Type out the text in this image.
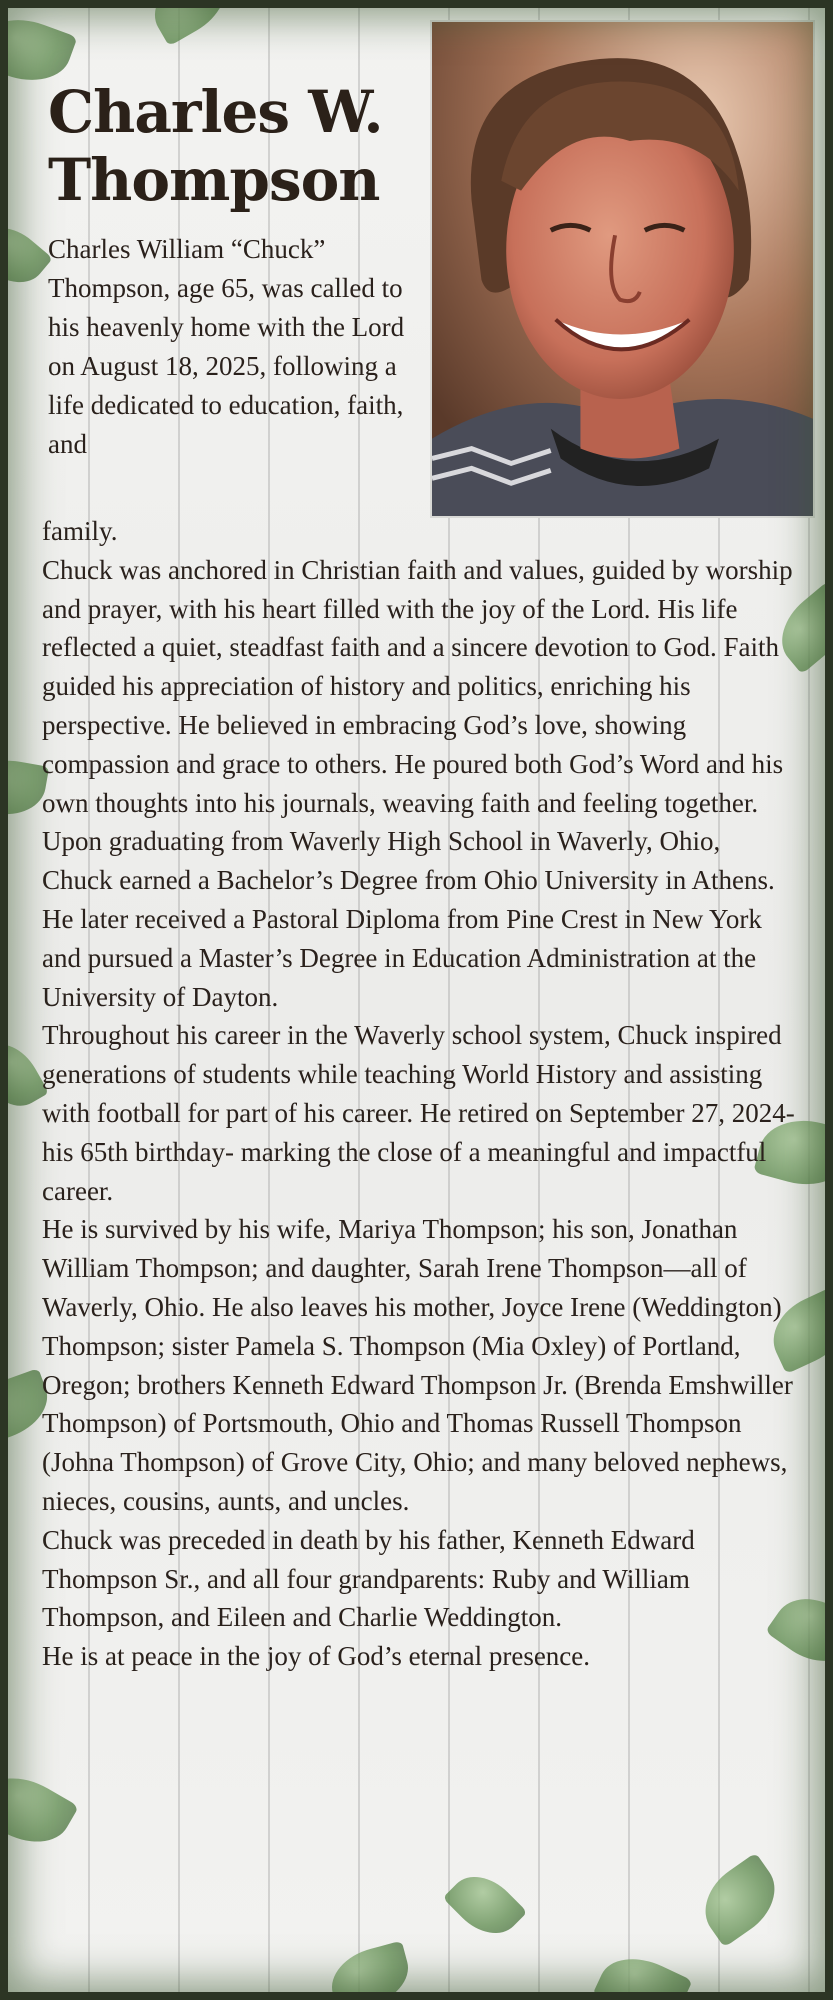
Charles W. Thompson

Charles William “Chuck” Thompson, age 65, was called to his heavenly home with the Lord on August 18, 2025, following a life dedicated to education, faith, and

family.

Chuck was anchored in Christian faith and values, guided by worship and prayer, with his heart filled with the joy of the Lord. His life reflected a quiet, steadfast faith and a sincere devotion to God. Faith guided his appreciation of history and politics, enriching his perspective. He believed in embracing God’s love, showing compassion and grace to others. He poured both God’s Word and his own thoughts into his journals, weaving faith and feeling together.

Upon graduating from Waverly High School in Waverly, Ohio, Chuck earned a Bachelor’s Degree from Ohio University in Athens. He later received a Pastoral Diploma from Pine Crest in New York and pursued a Master’s Degree in Education Administration at the University of Dayton.

Throughout his career in the Waverly school system, Chuck inspired generations of students while teaching World History and assisting with football for part of his career. He retired on September 27, 2024-his 65th birthday- marking the close of a meaningful and impactful career.

He is survived by his wife, Mariya Thompson; his son, Jonathan William Thompson; and daughter, Sarah Irene Thompson—all of Waverly, Ohio. He also leaves his mother, Joyce Irene (Weddington) Thompson; sister Pamela S. Thompson (Mia Oxley) of Portland, Oregon; brothers Kenneth Edward Thompson Jr. (Brenda Emshwiller Thompson) of Portsmouth, Ohio and Thomas Russell Thompson (Johna Thompson) of Grove City, Ohio; and many beloved nephews, nieces, cousins, aunts, and uncles.

Chuck was preceded in death by his father, Kenneth Edward Thompson Sr., and all four grandparents: Ruby and William Thompson, and Eileen and Charlie Weddington.

He is at peace in the joy of God’s eternal presence.
